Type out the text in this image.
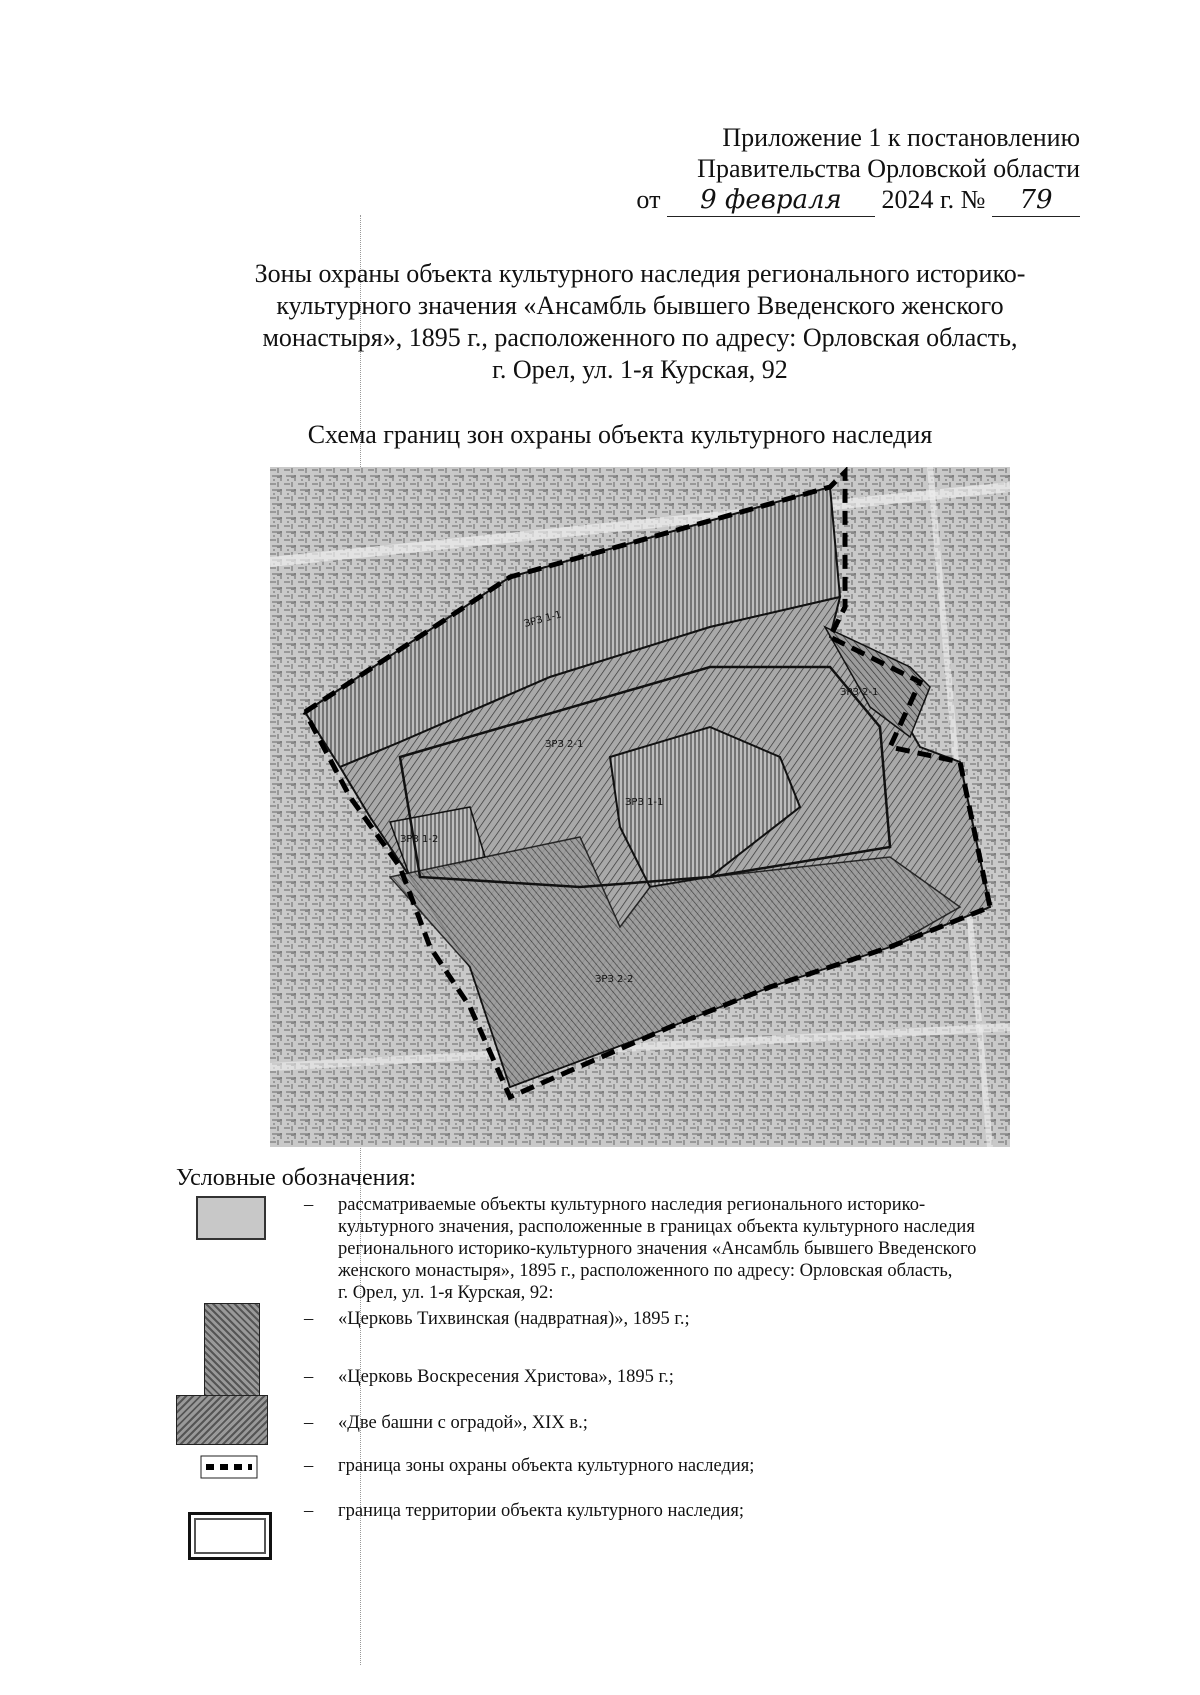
Приложение 1 к постановлению
Правительства Орловской области
от 9 февраля 2024 г. № 79
Зоны охраны объекта культурного наследия регионального историко-
культурного значения «Ансамбль бывшего Введенского женского
монастыря», 1895 г., расположенного по адресу: Орловская область,
г. Орел, ул. 1-я Курская, 92
Схема границ зон охраны объекта культурного наследия
ЗРЗ 1-1
ЗРЗ 2-1
ЗРЗ 1-1
ЗРЗ 1-2
ЗРЗ 2-2
ЗРЗ 2-1
Условные обозначения:
– рассматриваемые объекты культурного наследия регионального историко-
культурного значения, расположенные в границах объекта культурного наследия
регионального историко-культурного значения «Ансамбль бывшего Введенского
женского монастыря», 1895 г., расположенного по адресу: Орловская область,
г. Орел, ул. 1-я Курская, 92:
– «Церковь Тихвинская (надвратная)», 1895 г.;
– «Церковь Воскресения Христова», 1895 г.;
– «Две башни с оградой», XIX в.;
– граница зоны охраны объекта культурного наследия;
– граница территории объекта культурного наследия;
